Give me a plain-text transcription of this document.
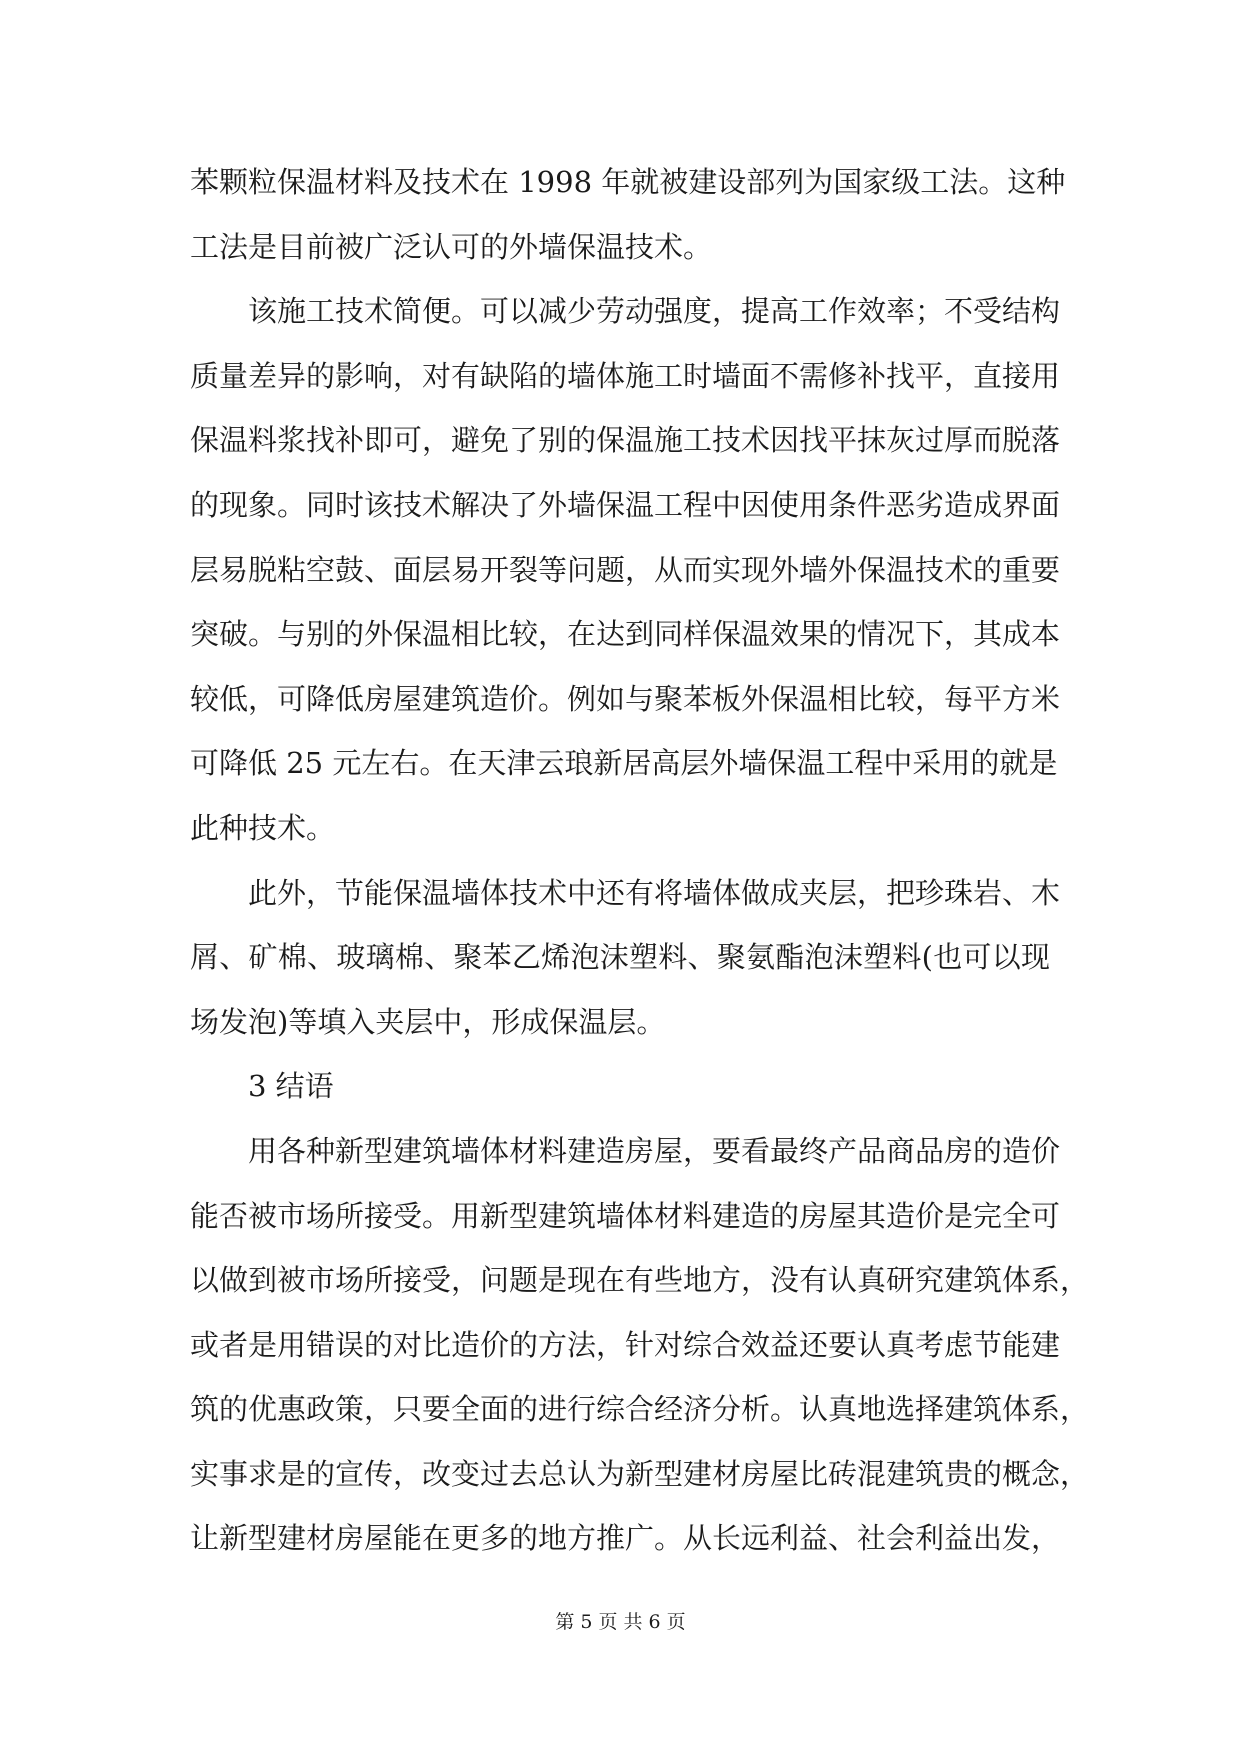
苯颗粒保温材料及技术在 1998 年就被建设部列为国家级工法。这种
工法是目前被广泛认可的外墙保温技术。
该施工技术简便。可以减少劳动强度，提高工作效率；不受结构
质量差异的影响，对有缺陷的墙体施工时墙面不需修补找平，直接用
保温料浆找补即可，避免了别的保温施工技术因找平抹灰过厚而脱落
的现象。同时该技术解决了外墙保温工程中因使用条件恶劣造成界面
层易脱粘空鼓、面层易开裂等问题，从而实现外墙外保温技术的重要
突破。与别的外保温相比较，在达到同样保温效果的情况下，其成本
较低，可降低房屋建筑造价。例如与聚苯板外保温相比较，每平方米
可降低 25 元左右。在天津云琅新居高层外墙保温工程中采用的就是
此种技术。
此外，节能保温墙体技术中还有将墙体做成夹层，把珍珠岩、木
屑、矿棉、玻璃棉、聚苯乙烯泡沫塑料、聚氨酯泡沫塑料(也可以现
场发泡)等填入夹层中，形成保温层。
3 结语
用各种新型建筑墙体材料建造房屋，要看最终产品商品房的造价
能否被市场所接受。用新型建筑墙体材料建造的房屋其造价是完全可
以做到被市场所接受，问题是现在有些地方，没有认真研究建筑体系，
或者是用错误的对比造价的方法，针对综合效益还要认真考虑节能建
筑的优惠政策，只要全面的进行综合经济分析。认真地选择建筑体系，
实事求是的宣传，改变过去总认为新型建材房屋比砖混建筑贵的概念，
让新型建材房屋能在更多的地方推广。从长远利益、社会利益出发，
第 5 页 共 6 页
